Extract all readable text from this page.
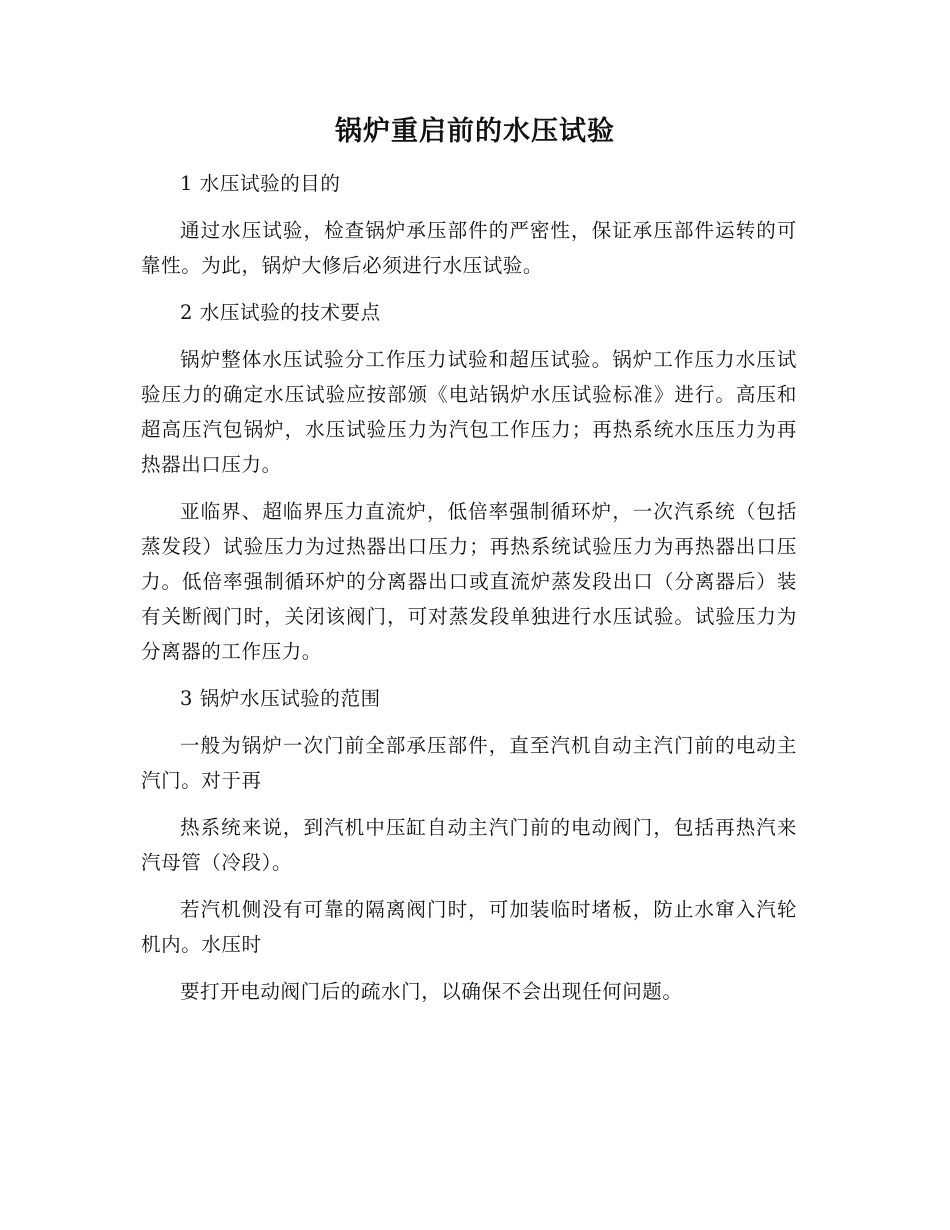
锅炉重启前的水压试验

1 水压试验的目的

通过水压试验，检查锅炉承压部件的严密性，保证承压部件运转的可靠性。为此，锅炉大修后必须进行水压试验。

2 水压试验的技术要点

锅炉整体水压试验分工作压力试验和超压试验。锅炉工作压力水压试验压力的确定水压试验应按部颁《电站锅炉水压试验标准》进行。高压和超高压汽包锅炉，水压试验压力为汽包工作压力；再热系统水压压力为再热器出口压力。

亚临界、超临界压力直流炉，低倍率强制循环炉，一次汽系统（包括蒸发段）试验压力为过热器出口压力；再热系统试验压力为再热器出口压力。低倍率强制循环炉的分离器出口或直流炉蒸发段出口（分离器后）装有关断阀门时，关闭该阀门，可对蒸发段单独进行水压试验。试验压力为分离器的工作压力。

3 锅炉水压试验的范围

一般为锅炉一次门前全部承压部件，直至汽机自动主汽门前的电动主汽门。对于再

热系统来说，到汽机中压缸自动主汽门前的电动阀门，包括再热汽来汽母管（冷段）。

若汽机侧没有可靠的隔离阀门时，可加装临时堵板，防止水窜入汽轮机内。水压时

要打开电动阀门后的疏水门，以确保不会出现任何问题。
